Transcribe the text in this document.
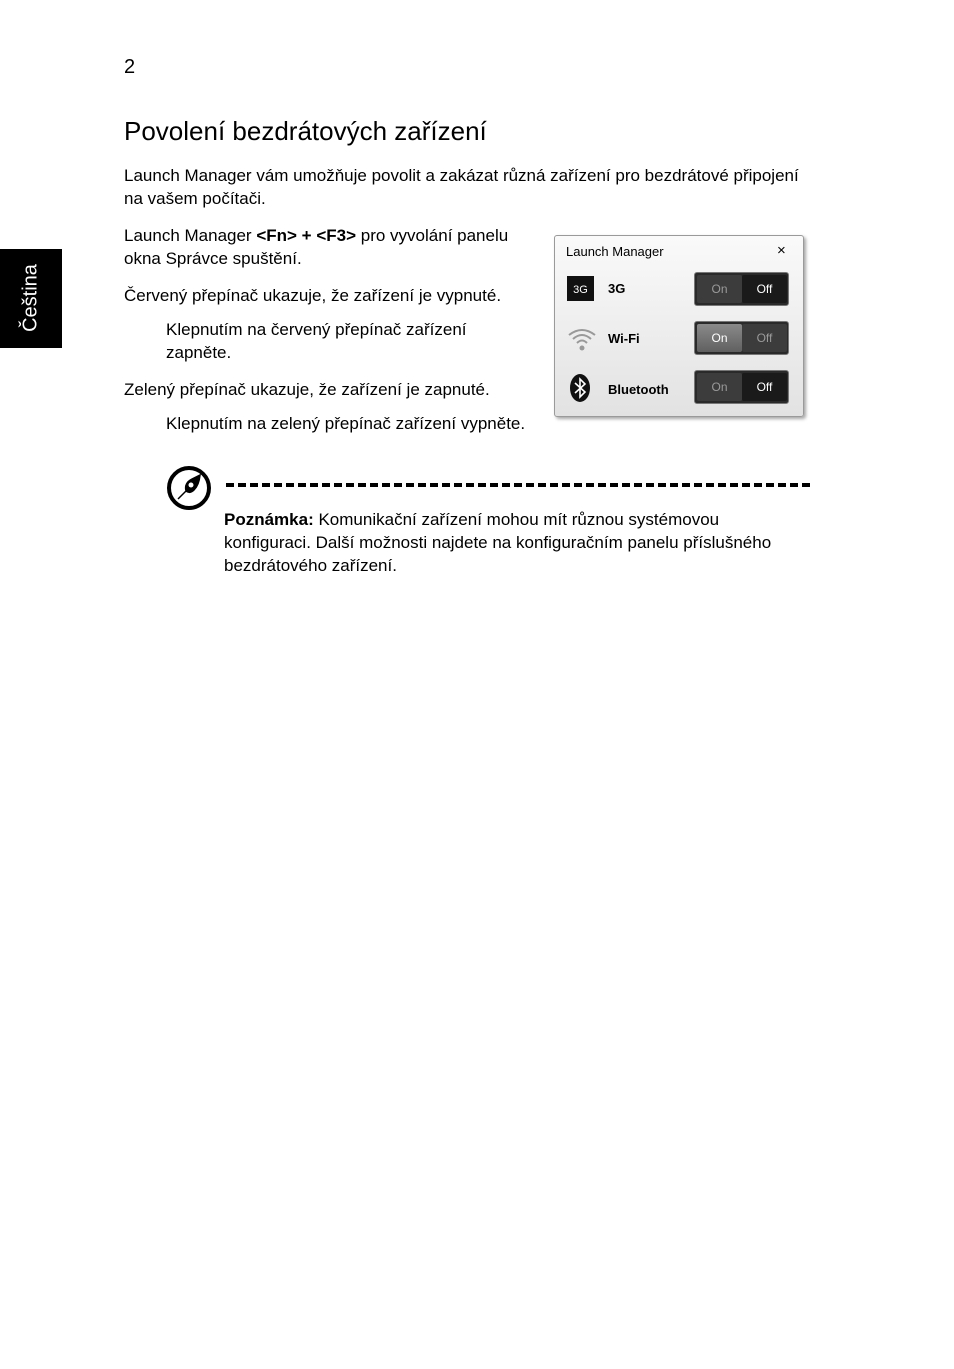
2
Čeština
Povolení bezdrátových zařízení
Launch Manager vám umožňuje povolit a zakázat různá zařízení pro bezdrátové připojení na vašem počítači.
Launch Manager <Fn> + <F3> pro vyvolání panelu okna Správce spuštění.
Červený přepínač ukazuje, že zařízení je vypnuté.
Klepnutím na červený přepínač zařízení zapněte.
Zelený přepínač ukazuje, že zařízení je zapnuté.
Klepnutím na zelený přepínač zařízení vypněte.
Launch Manager	×
3G 3G	On	Off
Wi-Fi	On	Off
Bluetooth	On	Off
Poznámka: Komunikační zařízení mohou mít různou systémovou konfiguraci. Další možnosti najdete na konfiguračním panelu příslušného bezdrátového zařízení.
